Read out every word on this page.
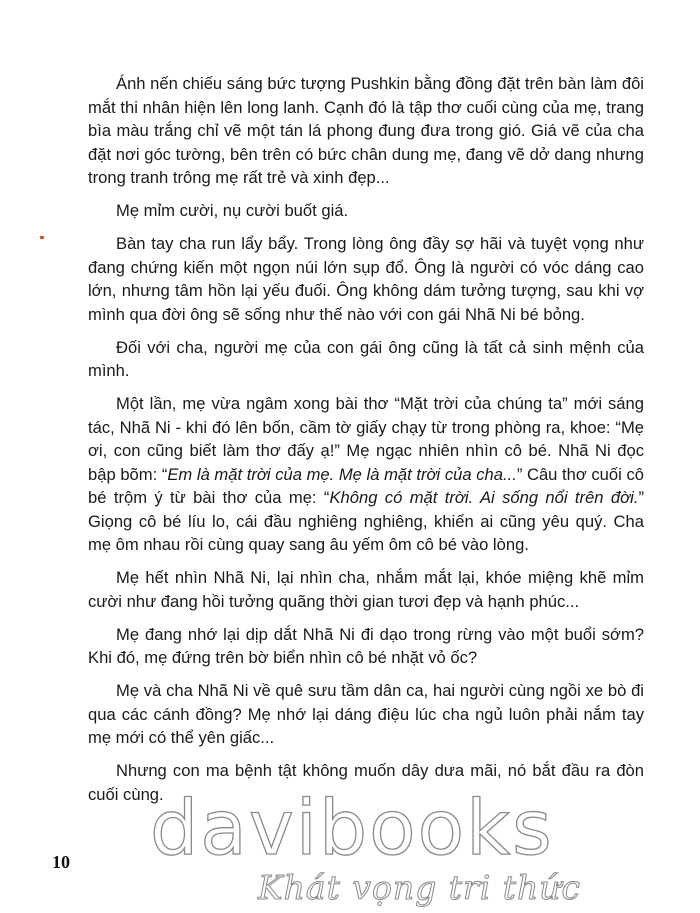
Ánh nến chiếu sáng bức tượng Pushkin bằng đồng đặt trên bàn làm đôi mắt thi nhân hiện lên long lanh. Cạnh đó là tập thơ cuối cùng của mẹ, trang bìa màu trắng chỉ vẽ một tán lá phong đung đưa trong gió. Giá vẽ của cha đặt nơi góc tường, bên trên có bức chân dung mẹ, đang vẽ dở dang nhưng trong tranh trông mẹ rất trẻ và xinh đẹp...

Mẹ mỉm cười, nụ cười buốt giá.

Bàn tay cha run lẩy bẩy. Trong lòng ông đầy sợ hãi và tuyệt vọng như đang chứng kiến một ngọn núi lớn sụp đổ. Ông là người có vóc dáng cao lớn, nhưng tâm hồn lại yếu đuối. Ông không dám tưởng tượng, sau khi vợ mình qua đời ông sẽ sống như thế nào với con gái Nhã Ni bé bỏng.

Đối với cha, người mẹ của con gái ông cũng là tất cả sinh mệnh của mình.

Một lần, mẹ vừa ngâm xong bài thơ “Mặt trời của chúng ta” mới sáng tác, Nhã Ni - khi đó lên bốn, cầm tờ giấy chạy từ trong phòng ra, khoe: “Mẹ ơi, con cũng biết làm thơ đấy ạ!” Mẹ ngạc nhiên nhìn cô bé. Nhã Ni đọc bập bõm: “Em là mặt trời của mẹ. Mẹ là mặt trời của cha...” Câu thơ cuối cô bé trộm ý từ bài thơ của mẹ: “Không có mặt trời. Ai sống nổi trên đời.” Giọng cô bé líu lo, cái đầu nghiêng nghiêng, khiến ai cũng yêu quý. Cha mẹ ôm nhau rồi cùng quay sang âu yếm ôm cô bé vào lòng.

Mẹ hết nhìn Nhã Ni, lại nhìn cha, nhắm mắt lại, khóe miệng khẽ mỉm cười như đang hồi tưởng quãng thời gian tươi đẹp và hạnh phúc...

Mẹ đang nhớ lại dịp dắt Nhã Ni đi dạo trong rừng vào một buổi sớm? Khi đó, mẹ đứng trên bờ biển nhìn cô bé nhặt vỏ ốc?

Mẹ và cha Nhã Ni về quê sưu tầm dân ca, hai người cùng ngồi xe bò đi qua các cánh đồng? Mẹ nhớ lại dáng điệu lúc cha ngủ luôn phải nắm tay mẹ mới có thể yên giấc...

Nhưng con ma bệnh tật không muốn dây dưa mãi, nó bắt đầu ra đòn cuối cùng.

10 davibooks
Khát vọng tri thức
